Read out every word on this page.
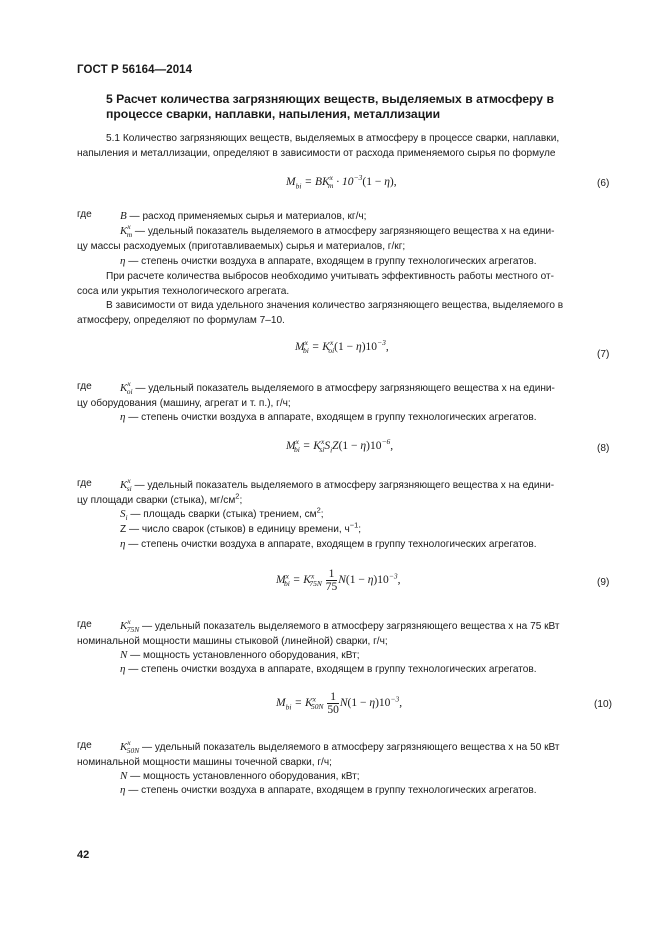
ГОСТ Р 56164—2014
5 Расчет количества загрязняющих веществ, выделяемых в атмосферу в
процессе сварки, наплавки, напыления, металлизации
5.1 Количество загрязняющих веществ, выделяемых в атмосферу в процессе сварки, наплавки,
напыления и металлизации, определяют в зависимости от расхода применяемого сырья по формуле
$M_{bi} = BK^x_m \cdot 10^{-3}(1 - \eta)$,	(6)
где	B — расход применяемых сырья и материалов, кг/ч;
$K^x_m$ — удельный показатель выделяемого в атмосферу загрязняющего вещества х на едини-
цу массы расходуемых (приготавливаемых) сырья и материалов, г/кг;
η — степень очистки воздуха в аппарате, входящем в группу технологических агрегатов.
При расчете количества выбросов необходимо учитывать эффективность работы местного от-
соса или укрытия технологического агрегата.
В зависимости от вида удельного значения количество загрязняющего вещества, выделяемого в
атмосферу, определяют по формулам 7–10.
$M^x_{bi} = K^x_{oi}(1 - \eta)10^{-3}$,
(7)
где	$K^x_{oi}$ — удельный показатель выделяемого в атмосферу загрязняющего вещества х на едини-
цу оборудования (машину, агрегат и т. п.), г/ч;
η — степень очистки воздуха в аппарате, входящем в группу технологических агрегатов.
$M^x_{bi} = K^x_{si}S_iZ(1 - \eta)10^{-6}$,	(8)
где	$K^x_{si}$ — удельный показатель выделяемого в атмосферу загрязняющего вещества х на едини-
цу площади сварки (стыка), $мг/см^2$;
$S_i$ — площадь сварки (стыка) трением, $см^2$;
Z — число сварок (стыков) в единицу времени, $ч^{-1}$;
η — степень очистки воздуха в аппарате, входящем в группу технологических агрегатов.
$M^x_{bi} = K^x_{75N} \frac{1}{75} N(1 - \eta)10^{-3}$,	(9)
где	$K^x_{75N}$ — удельный показатель выделяемого в атмосферу загрязняющего вещества х на 75 кВт
номинальной мощности машины стыковой (линейной) сварки, г/ч;
N — мощность установленного оборудования, кВт;
η — степень очистки воздуха в аппарате, входящем в группу технологических агрегатов.
$M_{bi} = K^x_{50N} \frac{1}{50} N(1 - \eta)10^{-3}$,	(10)
где	$K^x_{50N}$ — удельный показатель выделяемого в атмосферу загрязняющего вещества х на 50 кВт
номинальной мощности машины точечной сварки, г/ч;
N — мощность установленного оборудования, кВт;
η — степень очистки воздуха в аппарате, входящем в группу технологических агрегатов.
42
